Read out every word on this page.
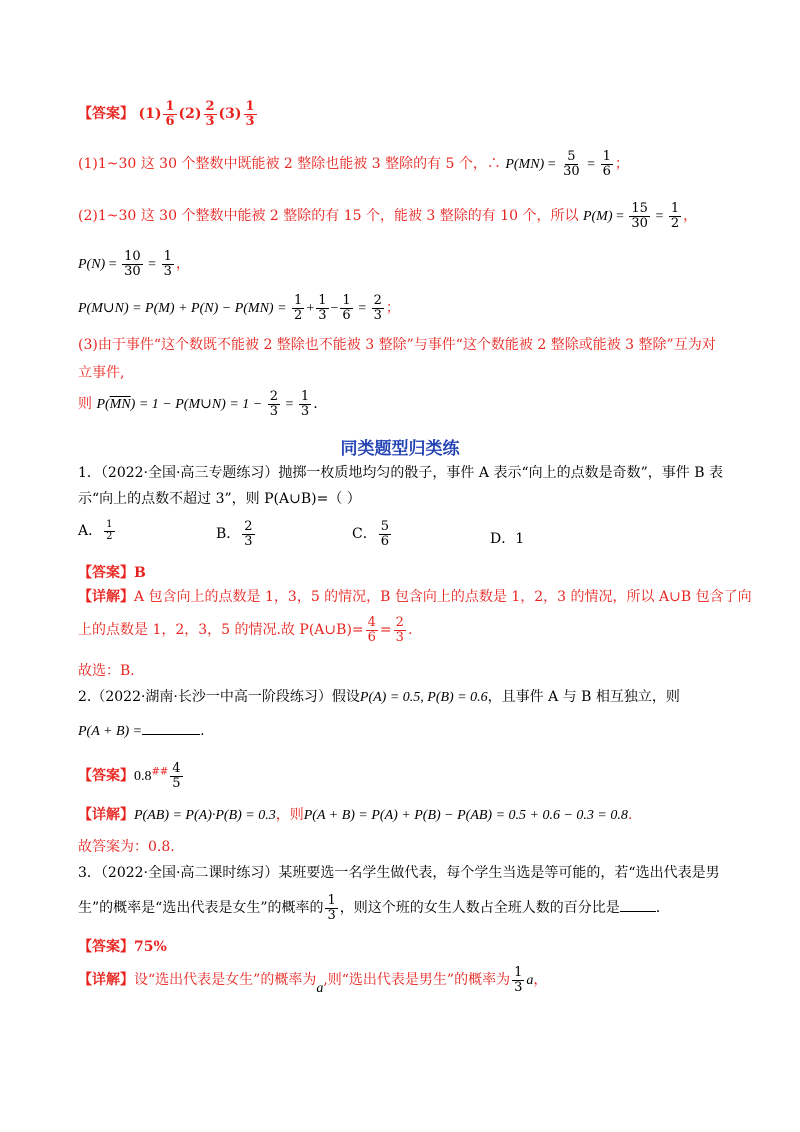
【答案】 $(1) \frac{1}{6} (2) \frac{2}{3} (3) \frac{1}{3}$
(1)1~30 这 30 个整数中既能被 2 整除也能被 3 整除的有 5 个，∴ $P(MN) = \frac{5}{30} = \frac{1}{6}$ ；
(2)1~30 这 30 个整数中能被 2 整除的有 15 个，能被 3 整除的有 10 个，所以 $P(M) = \frac{15}{30} = \frac{1}{2}$ ，
$P(N) = \frac{10}{30} = \frac{1}{3}$ ，
P(M∪N) = $P(M) + P(N) - P(MN) = \frac{1}{2} + \frac{1}{3} - \frac{1}{6} = \frac{2}{3}$ ；
(3)由于事件“这个数既不能被 2 整除也不能被 3 整除”与事件“这个数能被 2 整除或能被 3 整除”互为对
立事件,
则 $P(\overline{MN}) = 1$ − P(M∪N) = $1 - \frac{2}{3} = \frac{1}{3}$ .
同类题型归类练
1．（2022·全国·高三专题练习）抛掷一枚质地均匀的骰子，事件 A 表示“向上的点数是奇数”，事件 B 表
示“向上的点数不超过 3”，则 P(A∪B)=（ ）
A． $\frac{1}{2}$	B． $\frac{2}{3}$	C． $\frac{5}{6}$	D．1
【答案】B
【详解】A 包含向上的点数是 1，3，5 的情况，B 包含向上的点数是 1，2，3 的情况，所以 A∪B 包含了向
上的点数是 1，2，3，5 的情况.故 P(A∪B)= $\frac{4}{6} = \frac{2}{3}$ .
故选：B．
2.（2022·湖南·长沙一中高一阶段练习）假设P(A) = 0.5, P(B) = 0.6，且事件 A 与 B 相互独立，则
P(A + B) =	.
【答案】$0.8^{\#\#} \frac{4}{5}$
【详解】P(AB) = P(A)·P(B) = 0.3，则P(A + B) = P(A) + P(B) − P(AB) = 0.5 + 0.6 − 0.3 = 0.8.
故答案为：0.8.
3．（2022·全国·高二课时练习）某班要选一名学生做代表，每个学生当选是等可能的，若“选出代表是男
生”的概率是“选出代表是女生”的概率的 $\frac{1}{3}$ ，则这个班的女生人数占全班人数的百分比是	.
【答案】75%
【详解】设“选出代表是女生”的概率为a,则“选出代表是男生”的概率为 $\frac{1}{3}$ a，
